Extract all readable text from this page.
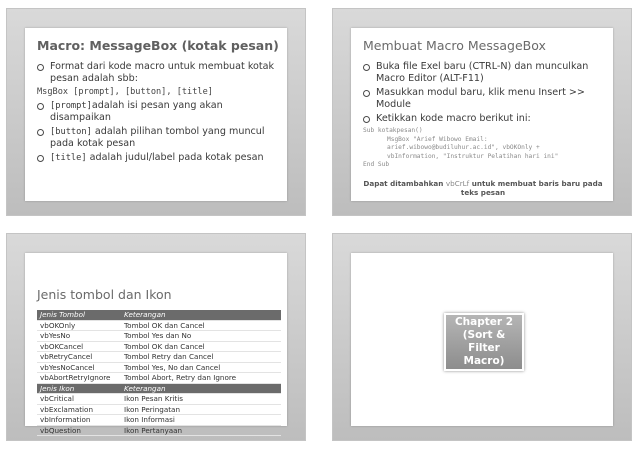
Macro: MessageBox (kotak pesan)
Format dari kode macro untuk membuat kotak pesan adalah sbb:
MsgBox [prompt], [button], [title]
[prompt]adalah isi pesan yang akan disampaikan
[button] adalah pilihan tombol yang muncul pada kotak pesan
[title] adalah judul/label pada kotak pesan
Membuat Macro MessageBox
Buka file Exel baru (CTRL-N) dan munculkan Macro Editor (ALT-F11)
Masukkan modul baru, klik menu Insert >> Module
Ketikkan kode macro berikut ini:
Sub kotakpesan()
MsgBox "Arief Wibowo Email:
arief.wibowo@budiluhur.ac.id", vbOKOnly +
vbInformation, "Instruktur Pelatihan hari ini"
End Sub
Dapat ditambahkan vbCrLf untuk membuat baris baru pada teks pesan
Jenis tombol dan Ikon
Jenis Tombol	Keterangan
vbOKOnly	Tombol OK dan Cancel
vbYesNo	Tombol Yes dan No
vbOKCancel	Tombol OK dan Cancel
vbRetryCancel	Tombol Retry dan Cancel
vbYesNoCancel	Tombol Yes, No dan Cancel
vbAbortRetryIgnore	Tombol Abort, Retry dan Ignore
Jenis Ikon	Keterangan
vbCritical	Ikon Pesan Kritis
vbExclamation	Ikon Peringatan
vbInformation	Ikon Informasi
vbQuestion	Ikon Pertanyaan
Chapter 2
(Sort & Filter
Macro)
